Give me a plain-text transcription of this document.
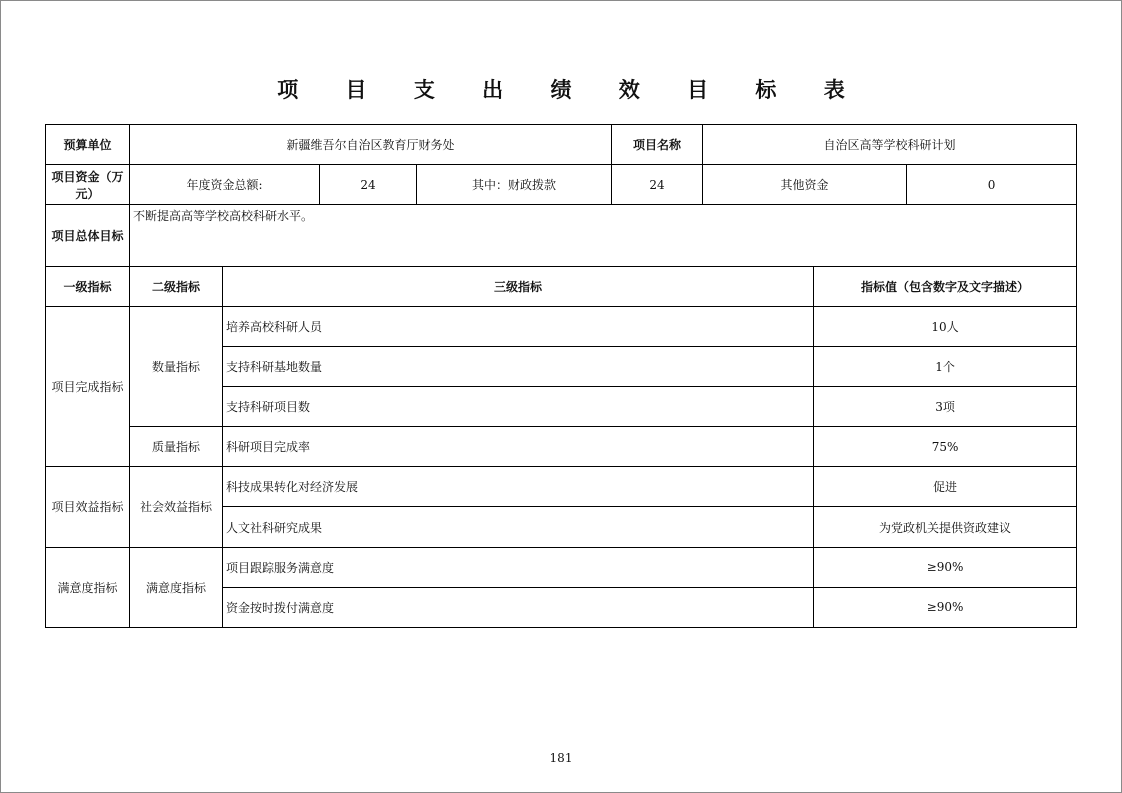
项 目 支 出 绩 效 目 标 表
预算单位	新疆维吾尔自治区教育厅财务处				项目名称	自治区高等学校科研计划		
项目资金（万元）	年度资金总额:		24	其中：财政拨款	24	其他资金		0
项目总体目标	不断提高高等学校高校科研水平。							
一级指标	二级指标	三级指标					指标值（包含数字及文字描述）	
项目完成指标	数量指标	培养高校科研人员					10人	
		支持科研基地数量					1个	
		支持科研项目数					3项	
	质量指标	科研项目完成率					75%	
项目效益指标	社会效益指标	科技成果转化对经济发展					促进	
		人文社科研究成果					为党政机关提供资政建议	
满意度指标	满意度指标	项目跟踪服务满意度					≥90%	
		资金按时拨付满意度					≥90%	
181
